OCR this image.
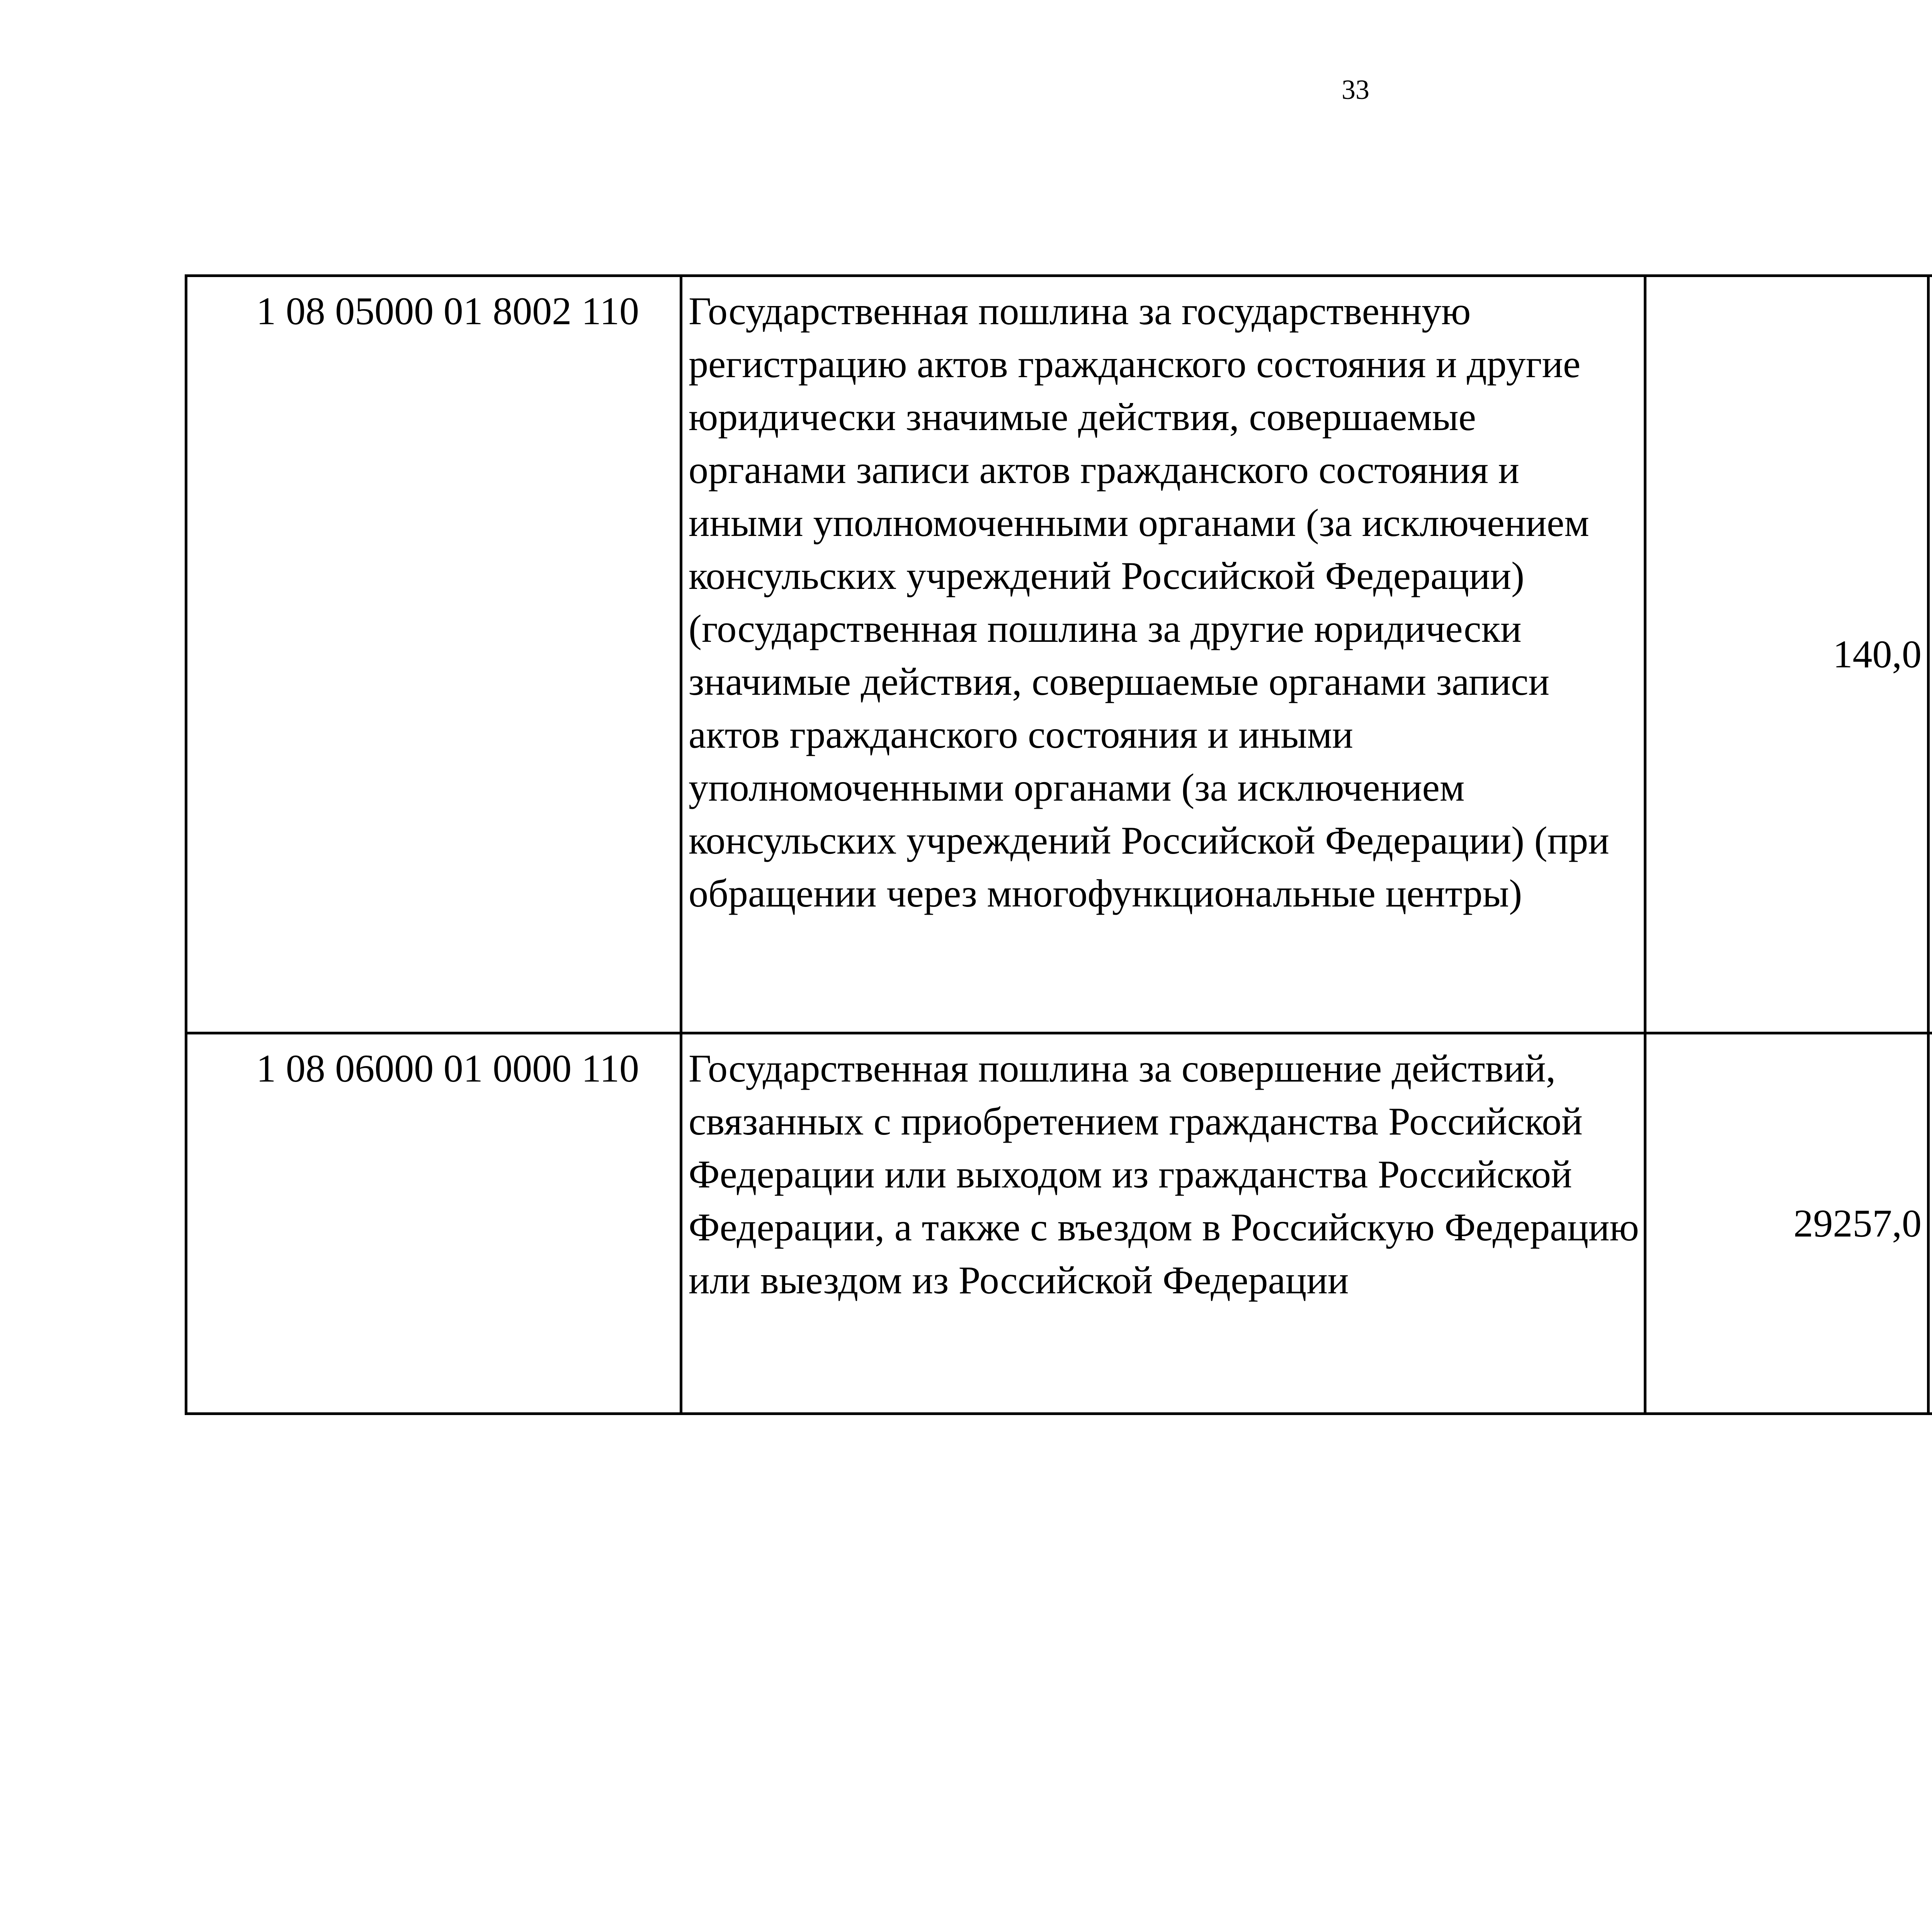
33
1 08 05000 01 8002 110	Государственная пошлина за государственную регистрацию актов гражданского состояния и другие юридически значимые действия, совершаемые органами записи актов гражданского состояния и иными уполномоченными органами (за исключением консульских учреждений Российской Федерации) (государственная пошлина за другие юридически значимые действия, совершаемые органами записи актов гражданского состояния и иными уполномоченными органами (за исключением консульских учреждений Российской Федерации) (при обращении через многофункциональные центры)	140,0		
1 08 06000 01 0000 110	Государственная пошлина за совершение действий, связанных с приобретением гражданства Российской Федерации или выходом из гражданства Российской Федерации, а также с въездом в Российскую Федерацию или выездом из Российской Федерации	29257,0		
